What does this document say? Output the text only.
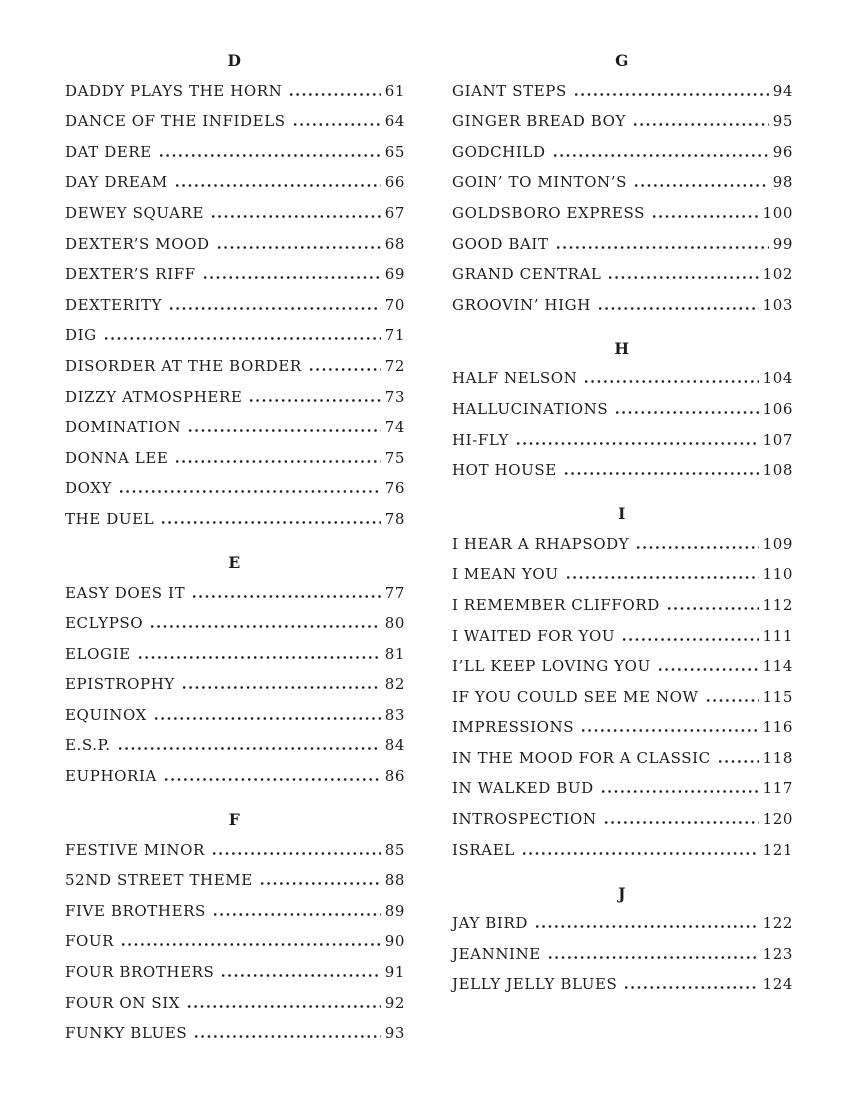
D
DADDY PLAYS THE HORN	61
DANCE OF THE INFIDELS	64
DAT DERE	65
DAY DREAM	66
DEWEY SQUARE	67
DEXTER’S MOOD	68
DEXTER’S RIFF	69
DEXTERITY	70
DIG	71
DISORDER AT THE BORDER	72
DIZZY ATMOSPHERE	73
DOMINATION	74
DONNA LEE	75
DOXY	76
THE DUEL	78
E
EASY DOES IT	77
ECLYPSO	80
ELOGIE	81
EPISTROPHY	82
EQUINOX	83
E.S.P.	84
EUPHORIA	86
F
FESTIVE MINOR	85
52ND STREET THEME	88
FIVE BROTHERS	89
FOUR	90
FOUR BROTHERS	91
FOUR ON SIX	92
FUNKY BLUES	93
G
GIANT STEPS	94
GINGER BREAD BOY	95
GODCHILD	96
GOIN’ TO MINTON’S	98
GOLDSBORO EXPRESS	100
GOOD BAIT	99
GRAND CENTRAL	102
GROOVIN’ HIGH	103
H
HALF NELSON	104
HALLUCINATIONS	106
HI-FLY	107
HOT HOUSE	108
I
I HEAR A RHAPSODY	109
I MEAN YOU	110
I REMEMBER CLIFFORD	112
I WAITED FOR YOU	111
I’LL KEEP LOVING YOU	114
IF YOU COULD SEE ME NOW	115
IMPRESSIONS	116
IN THE MOOD FOR A CLASSIC	118
IN WALKED BUD	117
INTROSPECTION	120
ISRAEL	121
J
JAY BIRD	122
JEANNINE	123
JELLY JELLY BLUES	124
